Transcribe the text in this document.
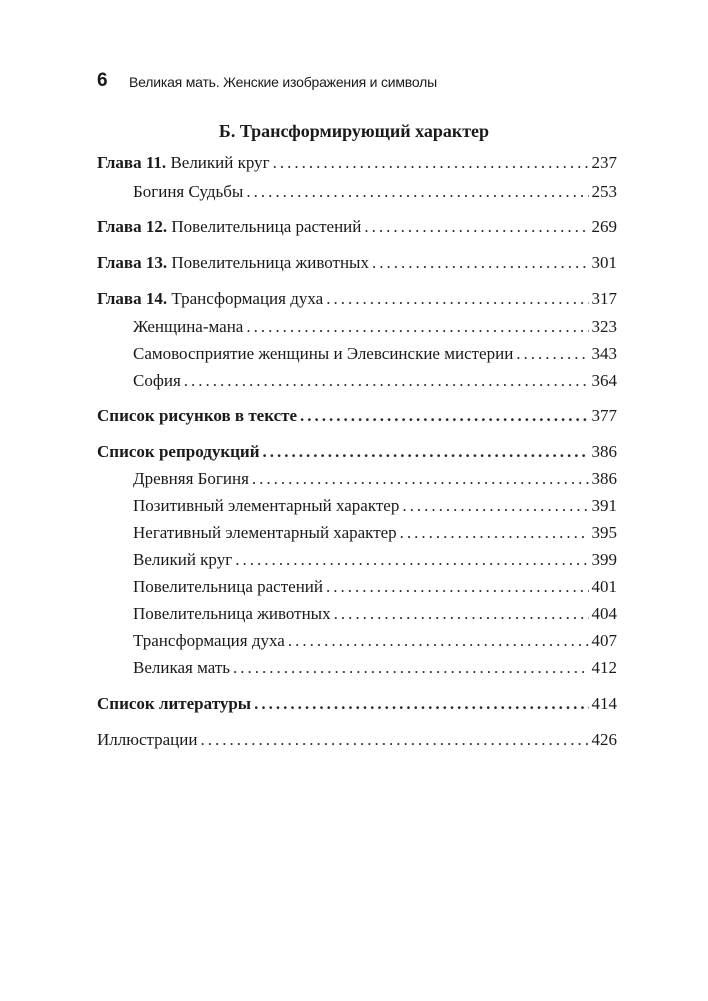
6 Великая мать. Женские изображения и символы
Б. Трансформирующий характер
Глава 11. Великий круг .....	237
Богиня Судьбы .....	253
Глава 12. Повелительница растений .....	269
Глава 13. Повелительница животных .....	301
Глава 14. Трансформация духа .....	317
Женщина-мана .....	323
Самовосприятие женщины и Элевсинские мистерии .....	343
София .....	364
Список рисунков в тексте .....	377
Список репродукций .....	386
Древняя Богиня .....	386
Позитивный элементарный характер .....	391
Негативный элементарный характер .....	395
Великий круг .....	399
Повелительница растений .....	401
Повелительница животных .....	404
Трансформация духа .....	407
Великая мать .....	412
Список литературы .....	414
Иллюстрации .....	426
